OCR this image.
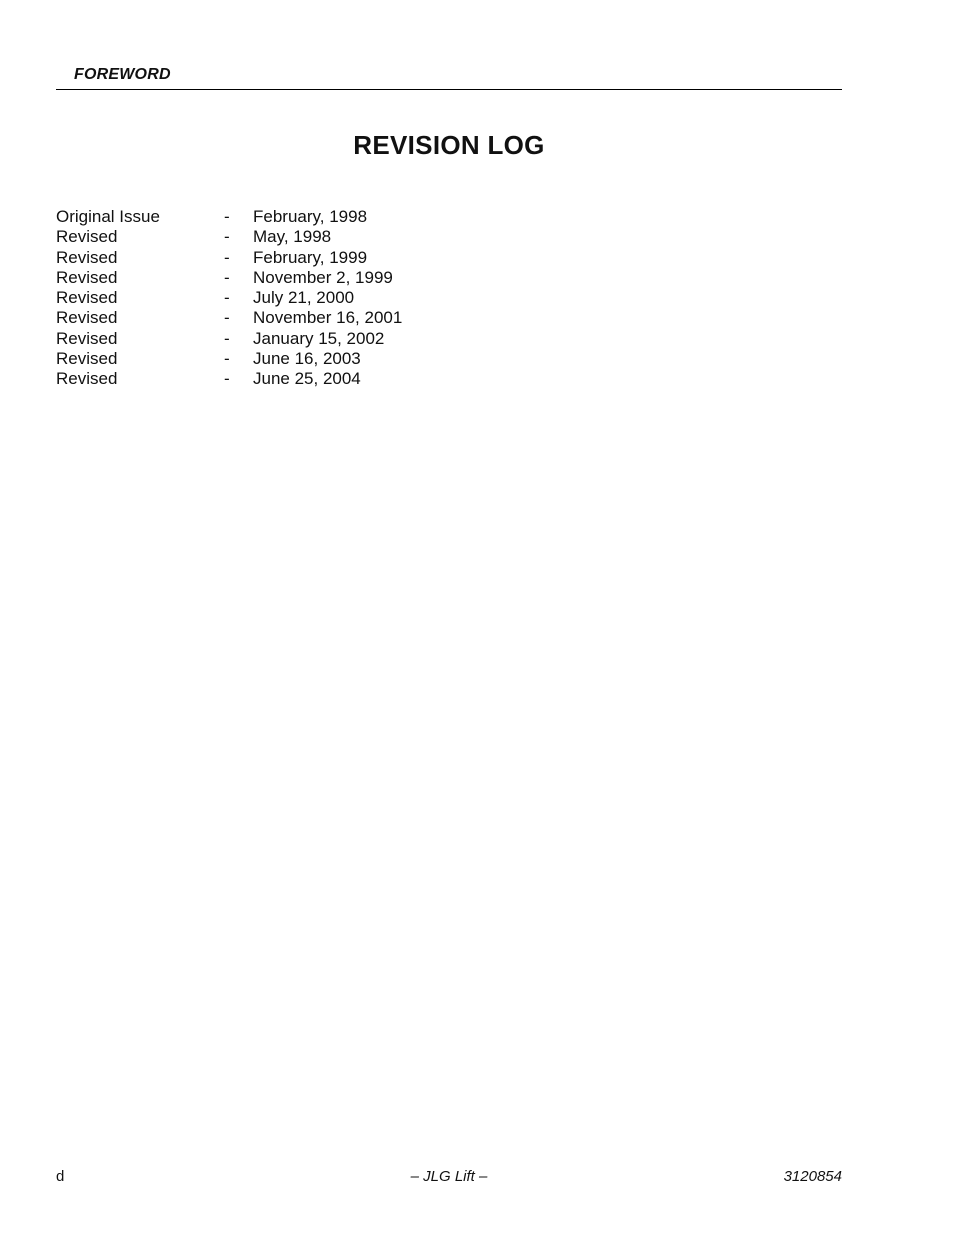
FOREWORD
REVISION LOG
Original Issue	- February, 1998
Revised	- May, 1998
Revised	- February, 1999
Revised	- November 2, 1999
Revised	- July 21, 2000
Revised	- November 16, 2001
Revised	- January 15, 2002
Revised	- June 16, 2003
Revised	- June 25, 2004
d	– JLG Lift –	3120854
